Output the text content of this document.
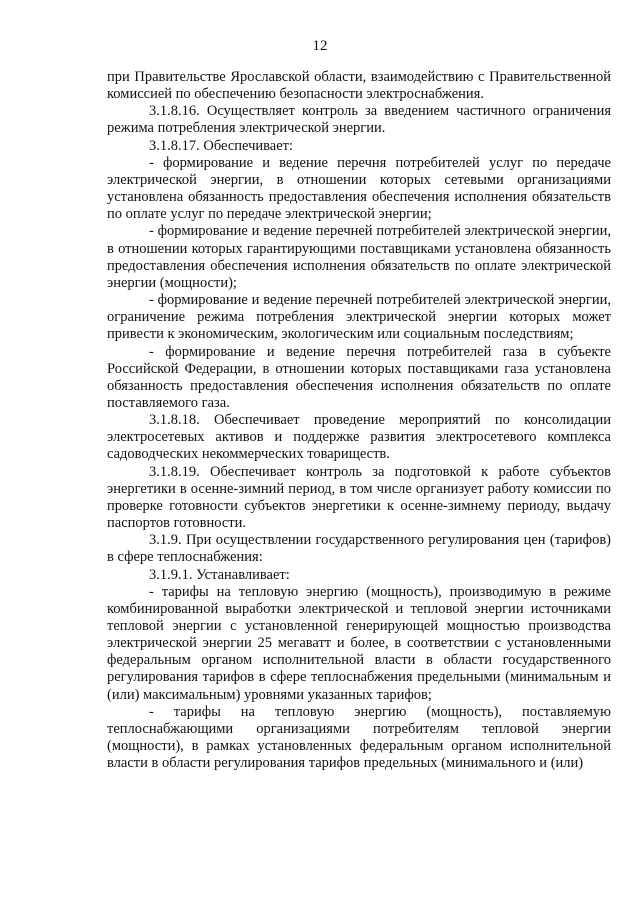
12

при Правительстве Ярославской области, взаимодействию с Правительственной комиссией по обеспечению безопасности электроснабжения.

3.1.8.16. Осуществляет контроль за введением частичного ограничения режима потребления электрической энергии.

3.1.8.17. Обеспечивает:

- формирование и ведение перечня потребителей услуг по передаче электрической энергии, в отношении которых сетевыми организациями установлена обязанность предоставления обеспечения исполнения обязательств по оплате услуг по передаче электрической энергии;

- формирование и ведение перечней потребителей электрической энергии, в отношении которых гарантирующими поставщиками установлена обязанность предоставления обеспечения исполнения обязательств по оплате электрической энергии (мощности);

- формирование и ведение перечней потребителей электрической энергии, ограничение режима потребления электрической энергии которых может привести к экономическим, экологическим или социальным последствиям;

- формирование и ведение перечня потребителей газа в субъекте Российской Федерации, в отношении которых поставщиками газа установлена обязанность предоставления обеспечения исполнения обязательств по оплате поставляемого газа.

3.1.8.18. Обеспечивает проведение мероприятий по консолидации электросетевых активов и поддержке развития электросетевого комплекса садоводческих некоммерческих товариществ.

3.1.8.19. Обеспечивает контроль за подготовкой к работе субъектов энергетики в осенне-зимний период, в том числе организует работу комиссии по проверке готовности субъектов энергетики к осенне-зимнему периоду, выдачу паспортов готовности.

3.1.9. При осуществлении государственного регулирования цен (тарифов) в сфере теплоснабжения:

3.1.9.1. Устанавливает:

- тарифы на тепловую энергию (мощность), производимую в режиме комбинированной выработки электрической и тепловой энергии источниками тепловой энергии с установленной генерирующей мощностью производства электрической энергии 25 мегаватт и более, в соответствии с установленными федеральным органом исполнительной власти в области государственного регулирования тарифов в сфере теплоснабжения предельными (минимальным и (или) максимальным) уровнями указанных тарифов;

- тарифы на тепловую энергию (мощность), поставляемую теплоснабжающими организациями потребителям тепловой энергии (мощности), в рамках установленных федеральным органом исполнительной власти в области регулирования тарифов предельных (минимального и (или)
